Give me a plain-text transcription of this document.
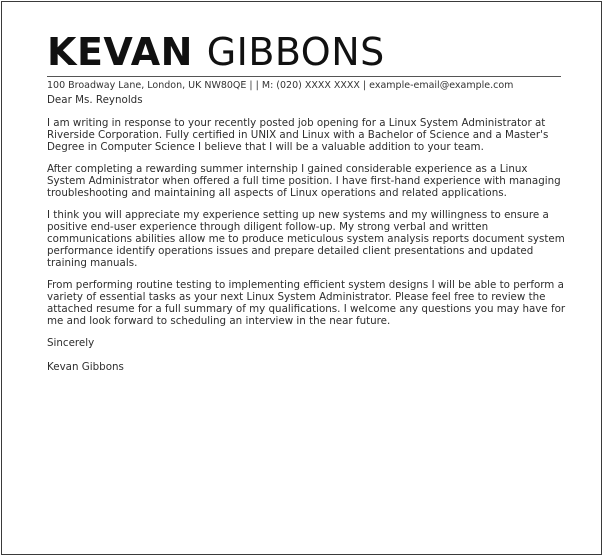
KEVAN GIBBONS
100 Broadway Lane, London, UK NW80QE | | M: (020) XXXX XXXX | example-email@example.com

Dear Ms. Reynolds

I am writing in response to your recently posted job opening for a Linux System Administrator at Riverside Corporation. Fully certified in UNIX and Linux with a Bachelor of Science and a Master's Degree in Computer Science I believe that I will be a valuable addition to your team.

After completing a rewarding summer internship I gained considerable experience as a Linux System Administrator when offered a full time position. I have first-hand experience with managing troubleshooting and maintaining all aspects of Linux operations and related applications.

I think you will appreciate my experience setting up new systems and my willingness to ensure a positive end-user experience through diligent follow-up. My strong verbal and written communications abilities allow me to produce meticulous system analysis reports document system performance identify operations issues and prepare detailed client presentations and updated training manuals.

From performing routine testing to implementing efficient system designs I will be able to perform a variety of essential tasks as your next Linux System Administrator. Please feel free to review the attached resume for a full summary of my qualifications. I welcome any questions you may have for me and look forward to scheduling an interview in the near future.

Sincerely

Kevan Gibbons
